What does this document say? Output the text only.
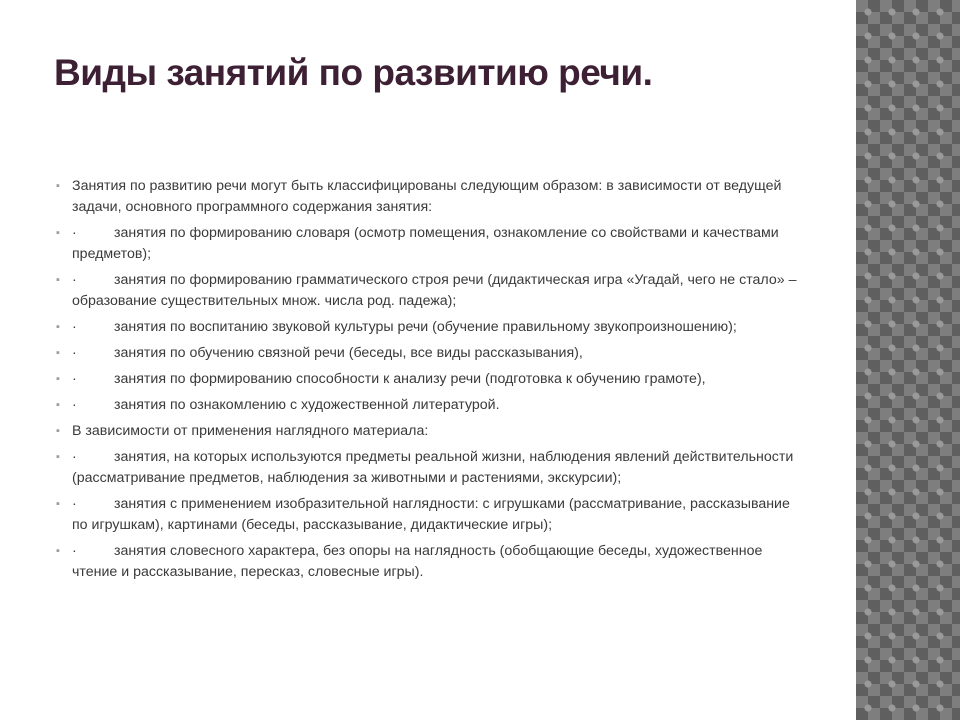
Виды занятий по развитию речи.
▪ Занятия по развитию речи могут быть классифицированы следующим образом: в зависимости от ведущей задачи, основного программного содержания занятия:
▪ ·	занятия по формированию словаря (осмотр помещения, ознакомление со свойствами и качествами предметов);
▪ ·	занятия по формированию грамматического строя речи (дидактическая игра «Угадай, чего не стало» – образование существительных множ. числа род. падежа);
▪ ·	занятия по воспитанию звуковой культуры речи (обучение правильному звукопроизношению);
▪ ·	занятия по обучению связной речи (беседы, все виды рассказывания),
▪ ·	занятия по формированию способности к анализу речи (подготовка к обучению грамоте),
▪ ·	занятия по ознакомлению с художественной литературой.
▪ В зависимости от применения наглядного материала:
▪ ·	занятия, на которых используются предметы реальной жизни, наблюдения явлений действительности (рассматривание предметов, наблюдения за животными и растениями, экскурсии);
▪ ·	занятия с применением изобразительной наглядности: с игрушками (рассматривание, рассказывание по игрушкам), картинами (беседы, рассказывание, дидактические игры);
▪ ·	занятия словесного характера, без опоры на наглядность (обобщающие беседы, художественное чтение и рассказывание, пересказ, словесные игры).
